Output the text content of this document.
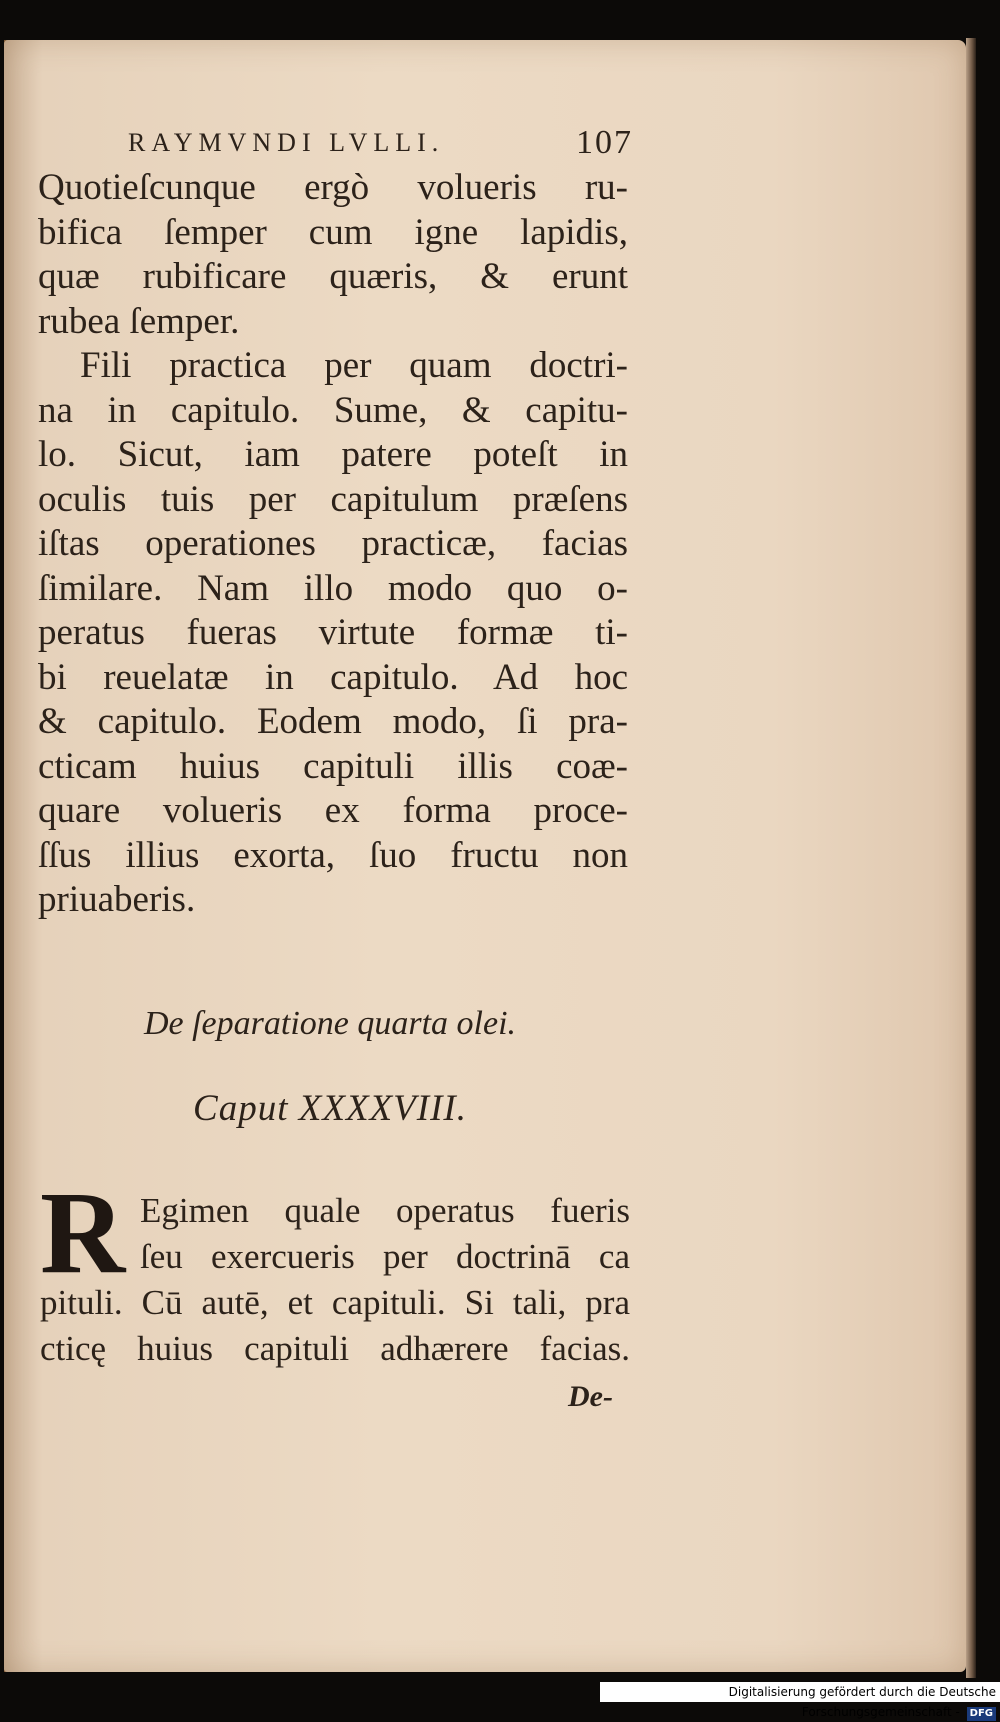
RAYMVNDI LVLLI.	107
Quotieſcunque ergò volueris ru-
bifica ſemper cum igne lapidis,
quæ rubificare quæris, & erunt
rubea ſemper.
Fili practica per quam doctri-
na in capitulo. Sume, & capitu-
lo. Sicut, iam patere poteſt in
oculis tuis per capitulum præſens
iſtas operationes practicæ, facias
ſimilare. Nam illo modo quo o-
peratus fueras virtute formæ ti-
bi reuelatæ in capitulo. Ad hoc
& capitulo. Eodem modo, ſi pra-
cticam huius capituli illis coæ-
quare volueris ex forma proce-
ſſus illius exorta, ſuo fructu non
priuaberis.
De ſeparatione quarta olei.
Caput XXXXVIII.
R Egimen quale operatus fueris
ſeu exercueris per doctrinā ca
pituli. Cū autē, et capituli. Si tali, pra
cticę huius capituli adhærere facias.
De-
Digitalisierung gefördert durch die Deutsche Forschungsgemeinschaft - DFG
